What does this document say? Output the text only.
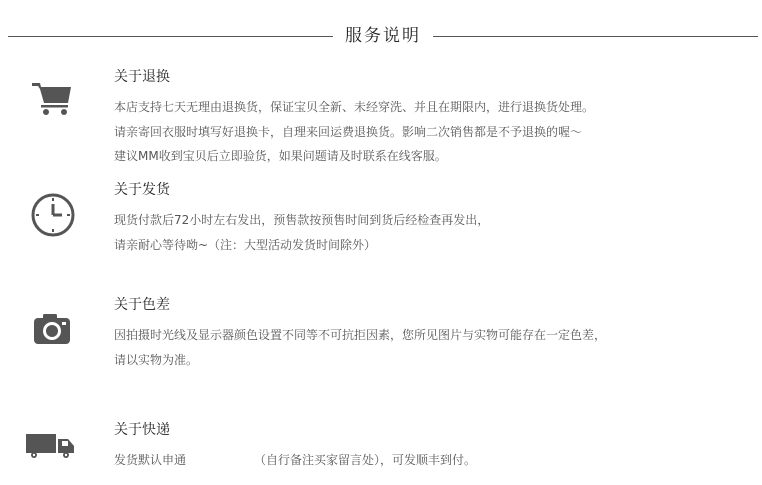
服务说明
关于退换
本店支持七天无理由退换货，保证宝贝全新、未经穿洗、并且在期限内，进行退换货处理。
请亲寄回衣服时填写好退换卡，自理来回运费退换货。影响二次销售都是不予退换的喔～
建议MM收到宝贝后立即验货，如果问题请及时联系在线客服。
关于发货
现货付款后72小时左右发出，预售款按预售时间到货后经检查再发出，
请亲耐心等待呦~（注：大型活动发货时间除外）
关于色差
因拍摄时光线及显示器颜色设置不同等不可抗拒因素，您所见图片与实物可能存在一定色差，
请以实物为准。
关于快递
发货默认申通	（自行备注买家留言处），可发顺丰到付。
